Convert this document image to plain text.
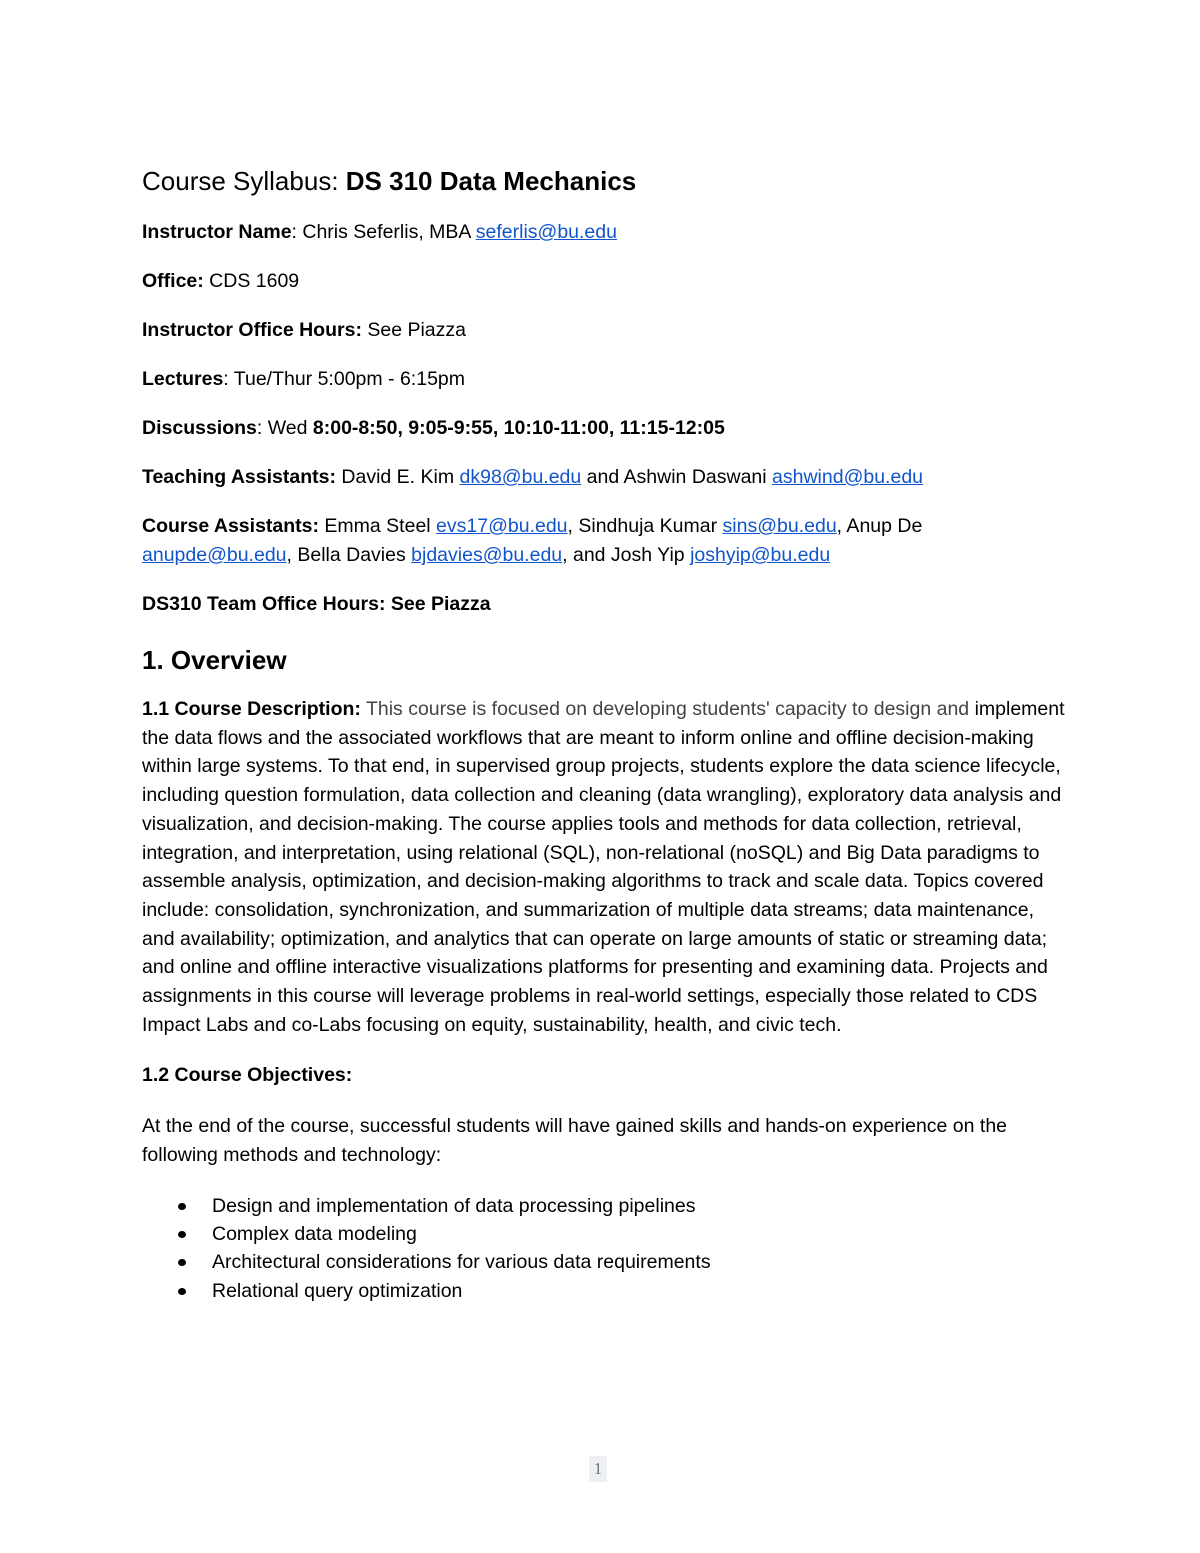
Course Syllabus: DS 310 Data Mechanics
Instructor Name: Chris Seferlis, MBA seferlis@bu.edu
Office: CDS 1609
Instructor Office Hours: See Piazza
Lectures: Tue/Thur 5:00pm - 6:15pm
Discussions: Wed 8:00-8:50, 9:05-9:55, 10:10-11:00, 11:15-12:05
Teaching Assistants: David E. Kim dk98@bu.edu and Ashwin Daswani ashwind@bu.edu
Course Assistants: Emma Steel evs17@bu.edu, Sindhuja Kumar sins@bu.edu, Anup De anupde@bu.edu, Bella Davies bjdavies@bu.edu, and Josh Yip joshyip@bu.edu
DS310 Team Office Hours: See Piazza
1. Overview
1.1 Course Description: This course is focused on developing students' capacity to design and implement the data flows and the associated workflows that are meant to inform online and offline decision-making within large systems. To that end, in supervised group projects, students explore the data science lifecycle, including question formulation, data collection and cleaning (data wrangling), exploratory data analysis and visualization, and decision-making. The course applies tools and methods for data collection, retrieval, integration, and interpretation, using relational (SQL), non-relational (noSQL) and Big Data paradigms to assemble analysis, optimization, and decision-making algorithms to track and scale data. Topics covered include: consolidation, synchronization, and summarization of multiple data streams; data maintenance, and availability; optimization, and analytics that can operate on large amounts of static or streaming data; and online and offline interactive visualizations platforms for presenting and examining data. Projects and assignments in this course will leverage problems in real-world settings, especially those related to CDS Impact Labs and co-Labs focusing on equity, sustainability, health, and civic tech.
1.2 Course Objectives:
At the end of the course, successful students will have gained skills and hands-on experience on the following methods and technology:
Design and implementation of data processing pipelines
Complex data modeling
Architectural considerations for various data requirements
Relational query optimization
1
